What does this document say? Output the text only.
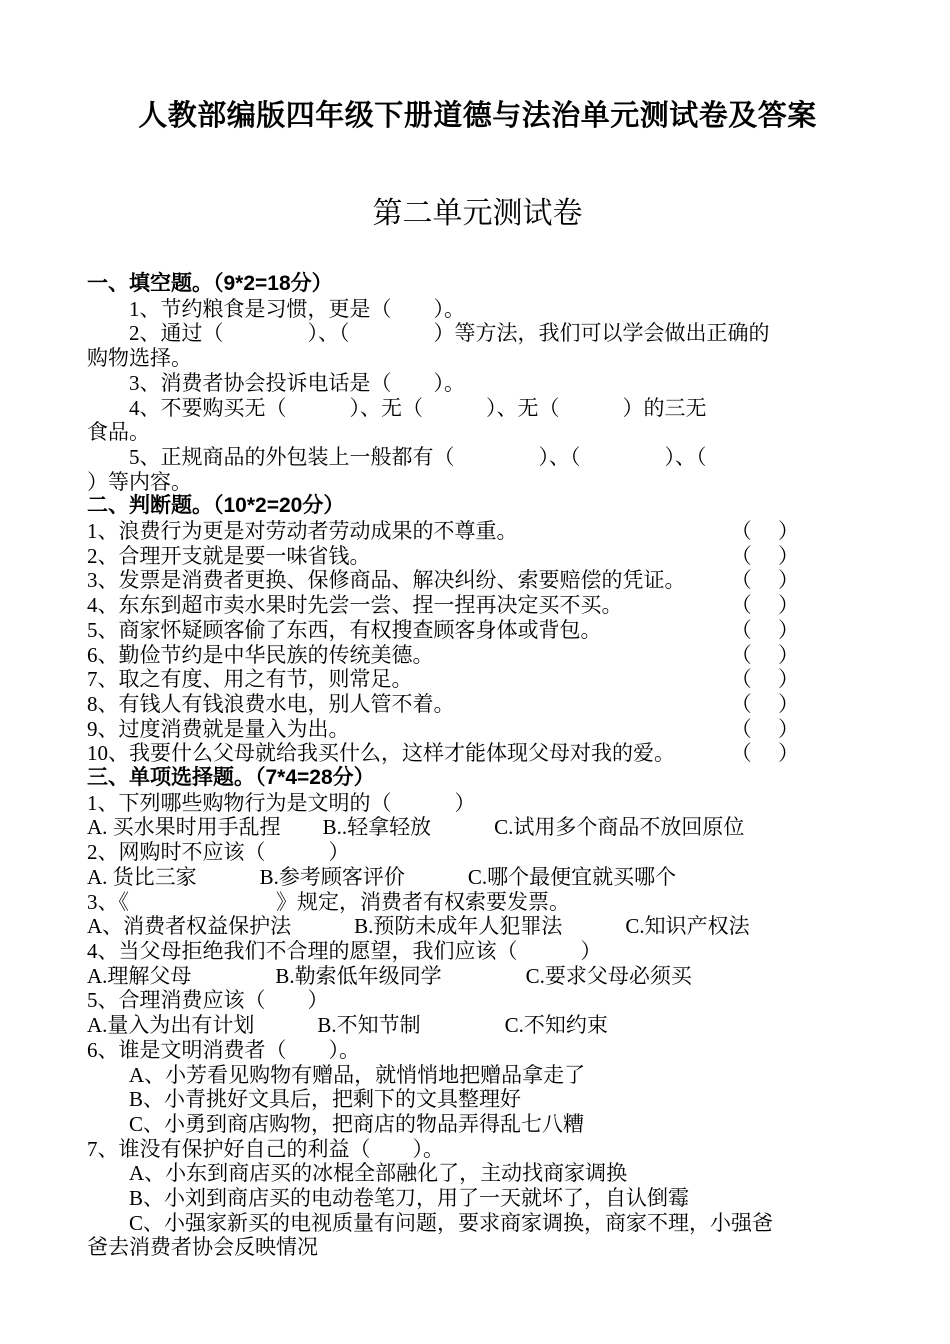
人教部编版四年级下册道德与法治单元测试卷及答案
第二单元测试卷
一、填空题。（9*2=18分）
1、节约粮食是习惯，更是（　　）。
2、通过（　　　　）、（　　　　）等方法，我们可以学会做出正确的
购物选择。
3、消费者协会投诉电话是（　　）。
4、不要购买无（　　　）、无（　　　）、无（　　　）的三无
食品。
5、正规商品的外包装上一般都有（　　　　）、（　　　　）、（
）等内容。
二、判断题。（10*2=20分）
1、浪费行为更是对劳动者劳动成果的不尊重。	（　 ）
2、合理开支就是要一味省钱。	（　 ）
3、发票是消费者更换、保修商品、解决纠纷、索要赔偿的凭证。 （　 ）
4、东东到超市卖水果时先尝一尝、捏一捏再决定买不买。	（　 ）
5、商家怀疑顾客偷了东西，有权搜查顾客身体或背包。	（　 ）
6、勤俭节约是中华民族的传统美德。	（　 ）
7、取之有度、用之有节，则常足。	（　 ）
8、有钱人有钱浪费水电，别人管不着。	（　 ）
9、过度消费就是量入为出。	（　 ）
10、我要什么父母就给我买什么，这样才能体现父母对我的爱。	（　 ）
三、单项选择题。（7*4=28分）
1、下列哪些购物行为是文明的（　　　）
A. 买水果时用手乱捏　　B..轻拿轻放　　　C.试用多个商品不放回原位
2、网购时不应该（　　　）
A. 货比三家　　　B.参考顾客评价　　　C.哪个最便宜就买哪个
3、《　　　　　　　》规定，消费者有权索要发票。
A、消费者权益保护法　　　B.预防未成年人犯罪法　　　C.知识产权法
4、当父母拒绝我们不合理的愿望，我们应该（　　　）
A.理解父母　　　　B.勒索低年级同学　　　　C.要求父母必须买
5、合理消费应该（　　）
A.量入为出有计划　　　B.不知节制　　　　C.不知约束
6、谁是文明消费者（　　）。
A、小芳看见购物有赠品，就悄悄地把赠品拿走了
B、小青挑好文具后，把剩下的文具整理好
C、小勇到商店购物，把商店的物品弄得乱七八糟
7、谁没有保护好自己的利益（　　）。
A、小东到商店买的冰棍全部融化了，主动找商家调换
B、小刘到商店买的电动卷笔刀，用了一天就坏了，自认倒霉
C、小强家新买的电视质量有问题，要求商家调换，商家不理，小强爸
爸去消费者协会反映情况
